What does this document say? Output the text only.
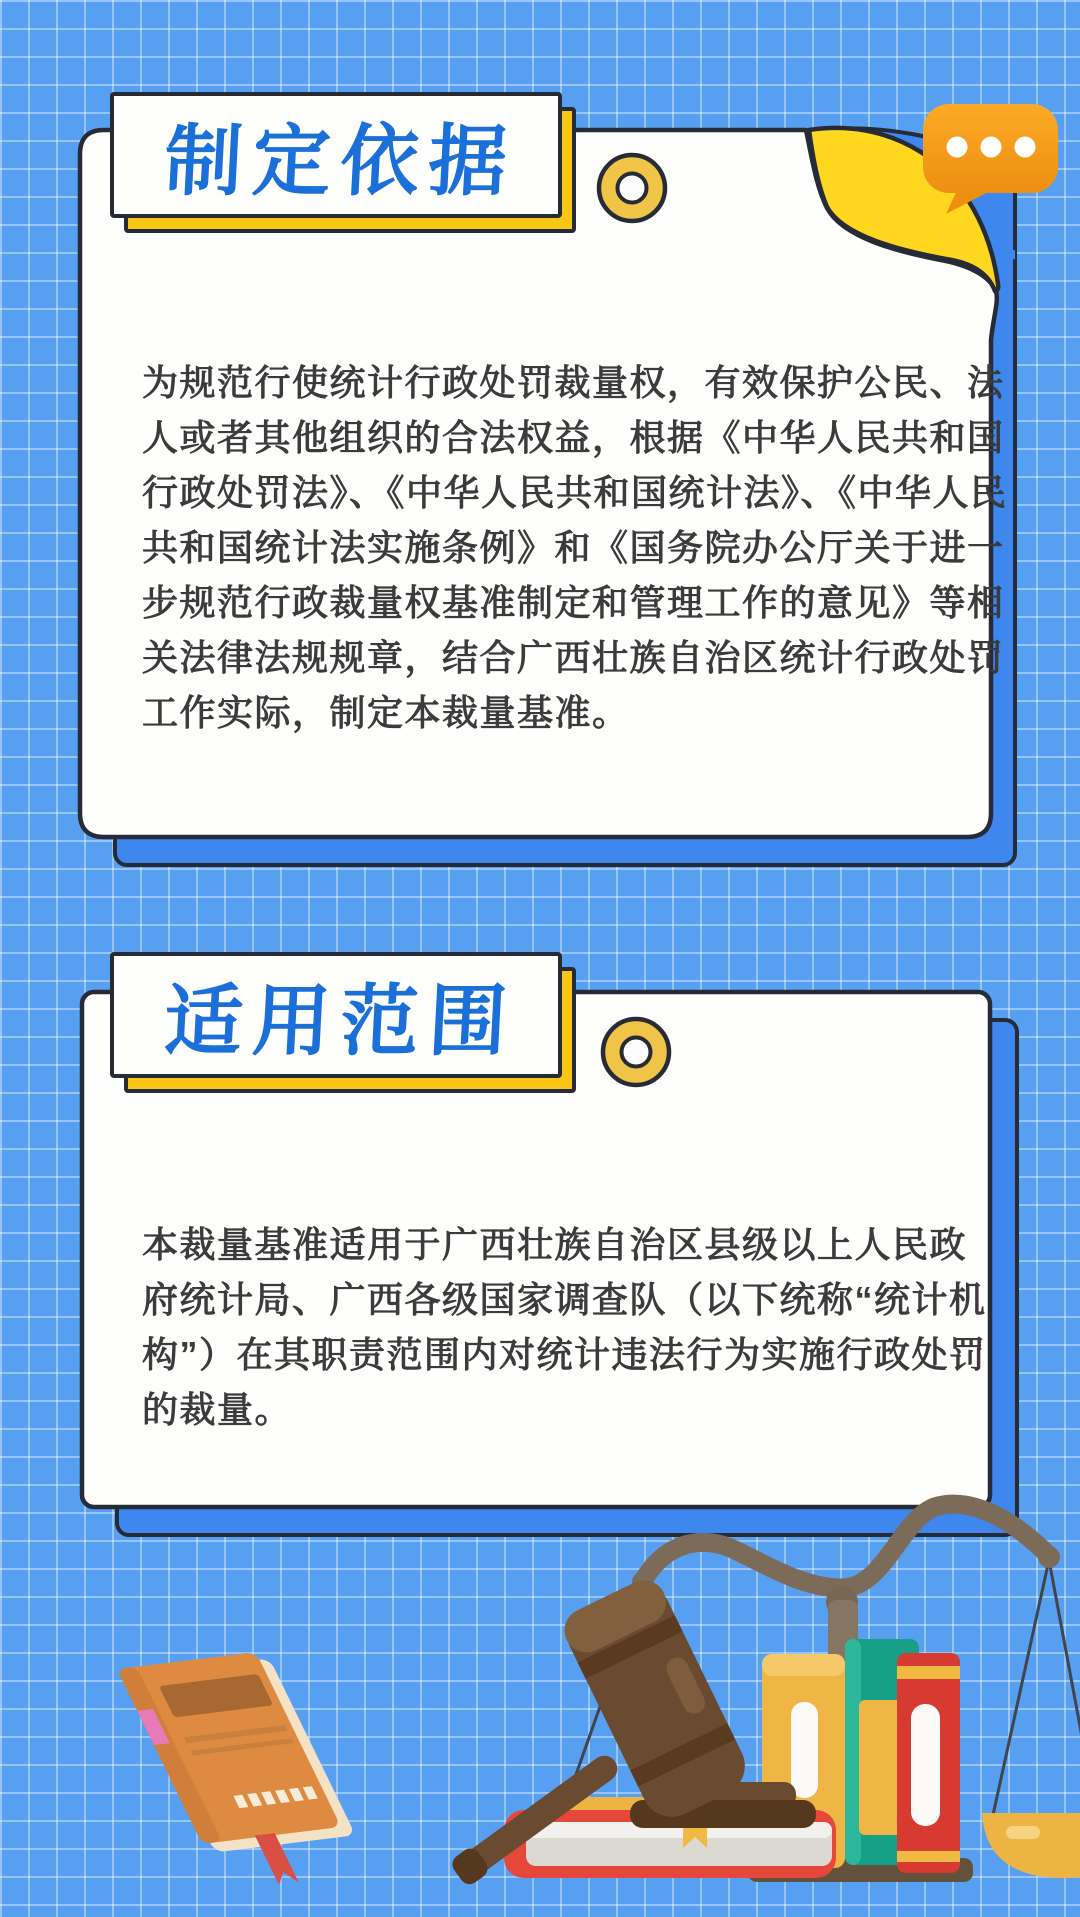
制定依据
为规范行使统计行政处罚裁量权，有效保护公民、法
人或者其他组织的合法权益，根据《中华人民共和国
行政处罚法》、《中华人民共和国统计法》、《中华人民
共和国统计法实施条例》和《国务院办公厅关于进一
步规范行政裁量权基准制定和管理工作的意见》等相
关法律法规规章，结合广西壮族自治区统计行政处罚
工作实际，制定本裁量基准。
适用范围
本裁量基准适用于广西壮族自治区县级以上人民政
府统计局、广西各级国家调查队（以下统称“统计机
构”）在其职责范围内对统计违法行为实施行政处罚
的裁量。
